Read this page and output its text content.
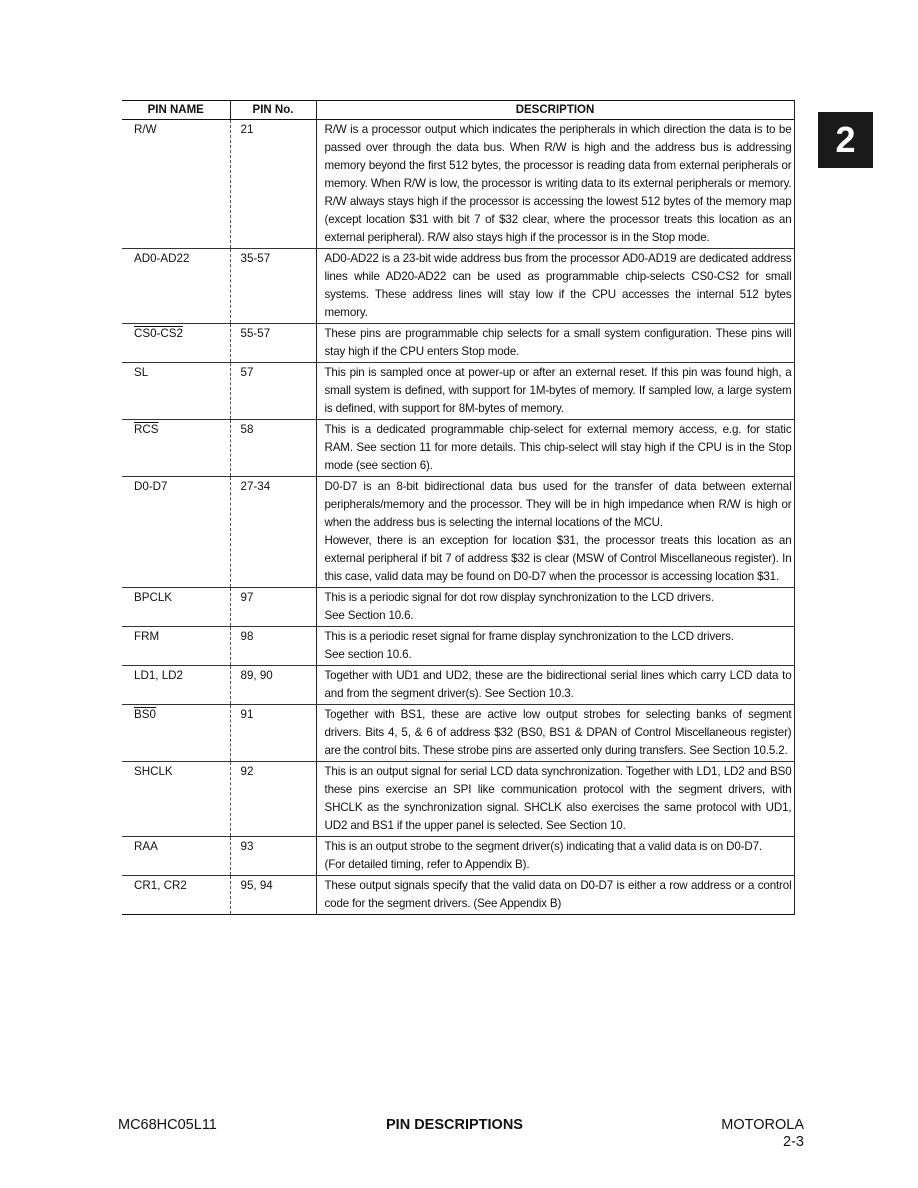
2
PIN NAME	PIN No.	DESCRIPTION
R/W	21	R/W is a processor output which indicates the peripherals in which direction the data is to be passed over through the data bus. When R/W is high and the address bus is addressing memory beyond the first 512 bytes, the processor is reading data from external peripherals or memory. When R/W is low, the processor is writing data to its external peripherals or memory. R/W always stays high if the processor is accessing the lowest 512 bytes of the memory map (except location $31 with bit 7 of $32 clear, where the processor treats this location as an external peripheral). R/W also stays high if the processor is in the Stop mode.

AD0-AD22	35-57	AD0-AD22 is a 23-bit wide address bus from the processor AD0-AD19 are dedicated address lines while AD20-AD22 can be used as programmable chip-selects CS0-CS2 for small systems. These address lines will stay low if the CPU accesses the internal 512 bytes memory.

CS0-CS2	55-57	These pins are programmable chip selects for a small system configuration. These pins will stay high if the CPU enters Stop mode.

SL	57	This pin is sampled once at power-up or after an external reset. If this pin was found high, a small system is defined, with support for 1M-bytes of memory. If sampled low, a large system is defined, with support for 8M-bytes of memory.

$\overline{RCS}$	58	This is a dedicated programmable chip-select for external memory access, e.g. for static RAM. See section 11 for more details. This chip-select will stay high if the CPU is in the Stop mode (see section 6).

D0-D7	27-34	D0-D7 is an 8-bit bidirectional data bus used for the transfer of data between external peripherals/memory and the processor. They will be in high impedance when R/W is high or when the address bus is selecting the internal locations of the MCU.

However, there is an exception for location $31, the processor treats this location as an external peripheral if bit 7 of address $32 is clear (MSW of Control Miscellaneous register). In this case, valid data may be found on D0-D7 when the processor is accessing location $31.

BPCLK	97	This is a periodic signal for dot row display synchronization to the LCD drivers.

See Section 10.6.

FRM	98	This is a periodic reset signal for frame display synchronization to the LCD drivers.

See section 10.6.

LD1, LD2	89, 90	Together with UD1 and UD2, these are the bidirectional serial lines which carry LCD data to and from the segment driver(s). See Section 10.3.

BS0	91	Together with BS1, these are active low output strobes for selecting banks of segment drivers. Bits 4, 5, & 6 of address $32 (BS0, BS1 & DPAN of Control Miscellaneous register) are the control bits. These strobe pins are asserted only during transfers. See Section 10.5.2.

SHCLK	92	This is an output signal for serial LCD data synchronization. Together with LD1, LD2 and BS0 these pins exercise an SPI like communication protocol with the segment drivers, with SHCLK as the synchronization signal. SHCLK also exercises the same protocol with UD1, UD2 and BS1 if the upper panel is selected. See Section 10.

RAA	93	This is an output strobe to the segment driver(s) indicating that a valid data is on D0-D7.

(For detailed timing, refer to Appendix B).

CR1, CR2	95, 94	These output signals specify that the valid data on D0-D7 is either a row address or a control code for the segment drivers. (See Appendix B)

MC68HC05L11	PIN DESCRIPTIONS	MOTOROLA
2-3
